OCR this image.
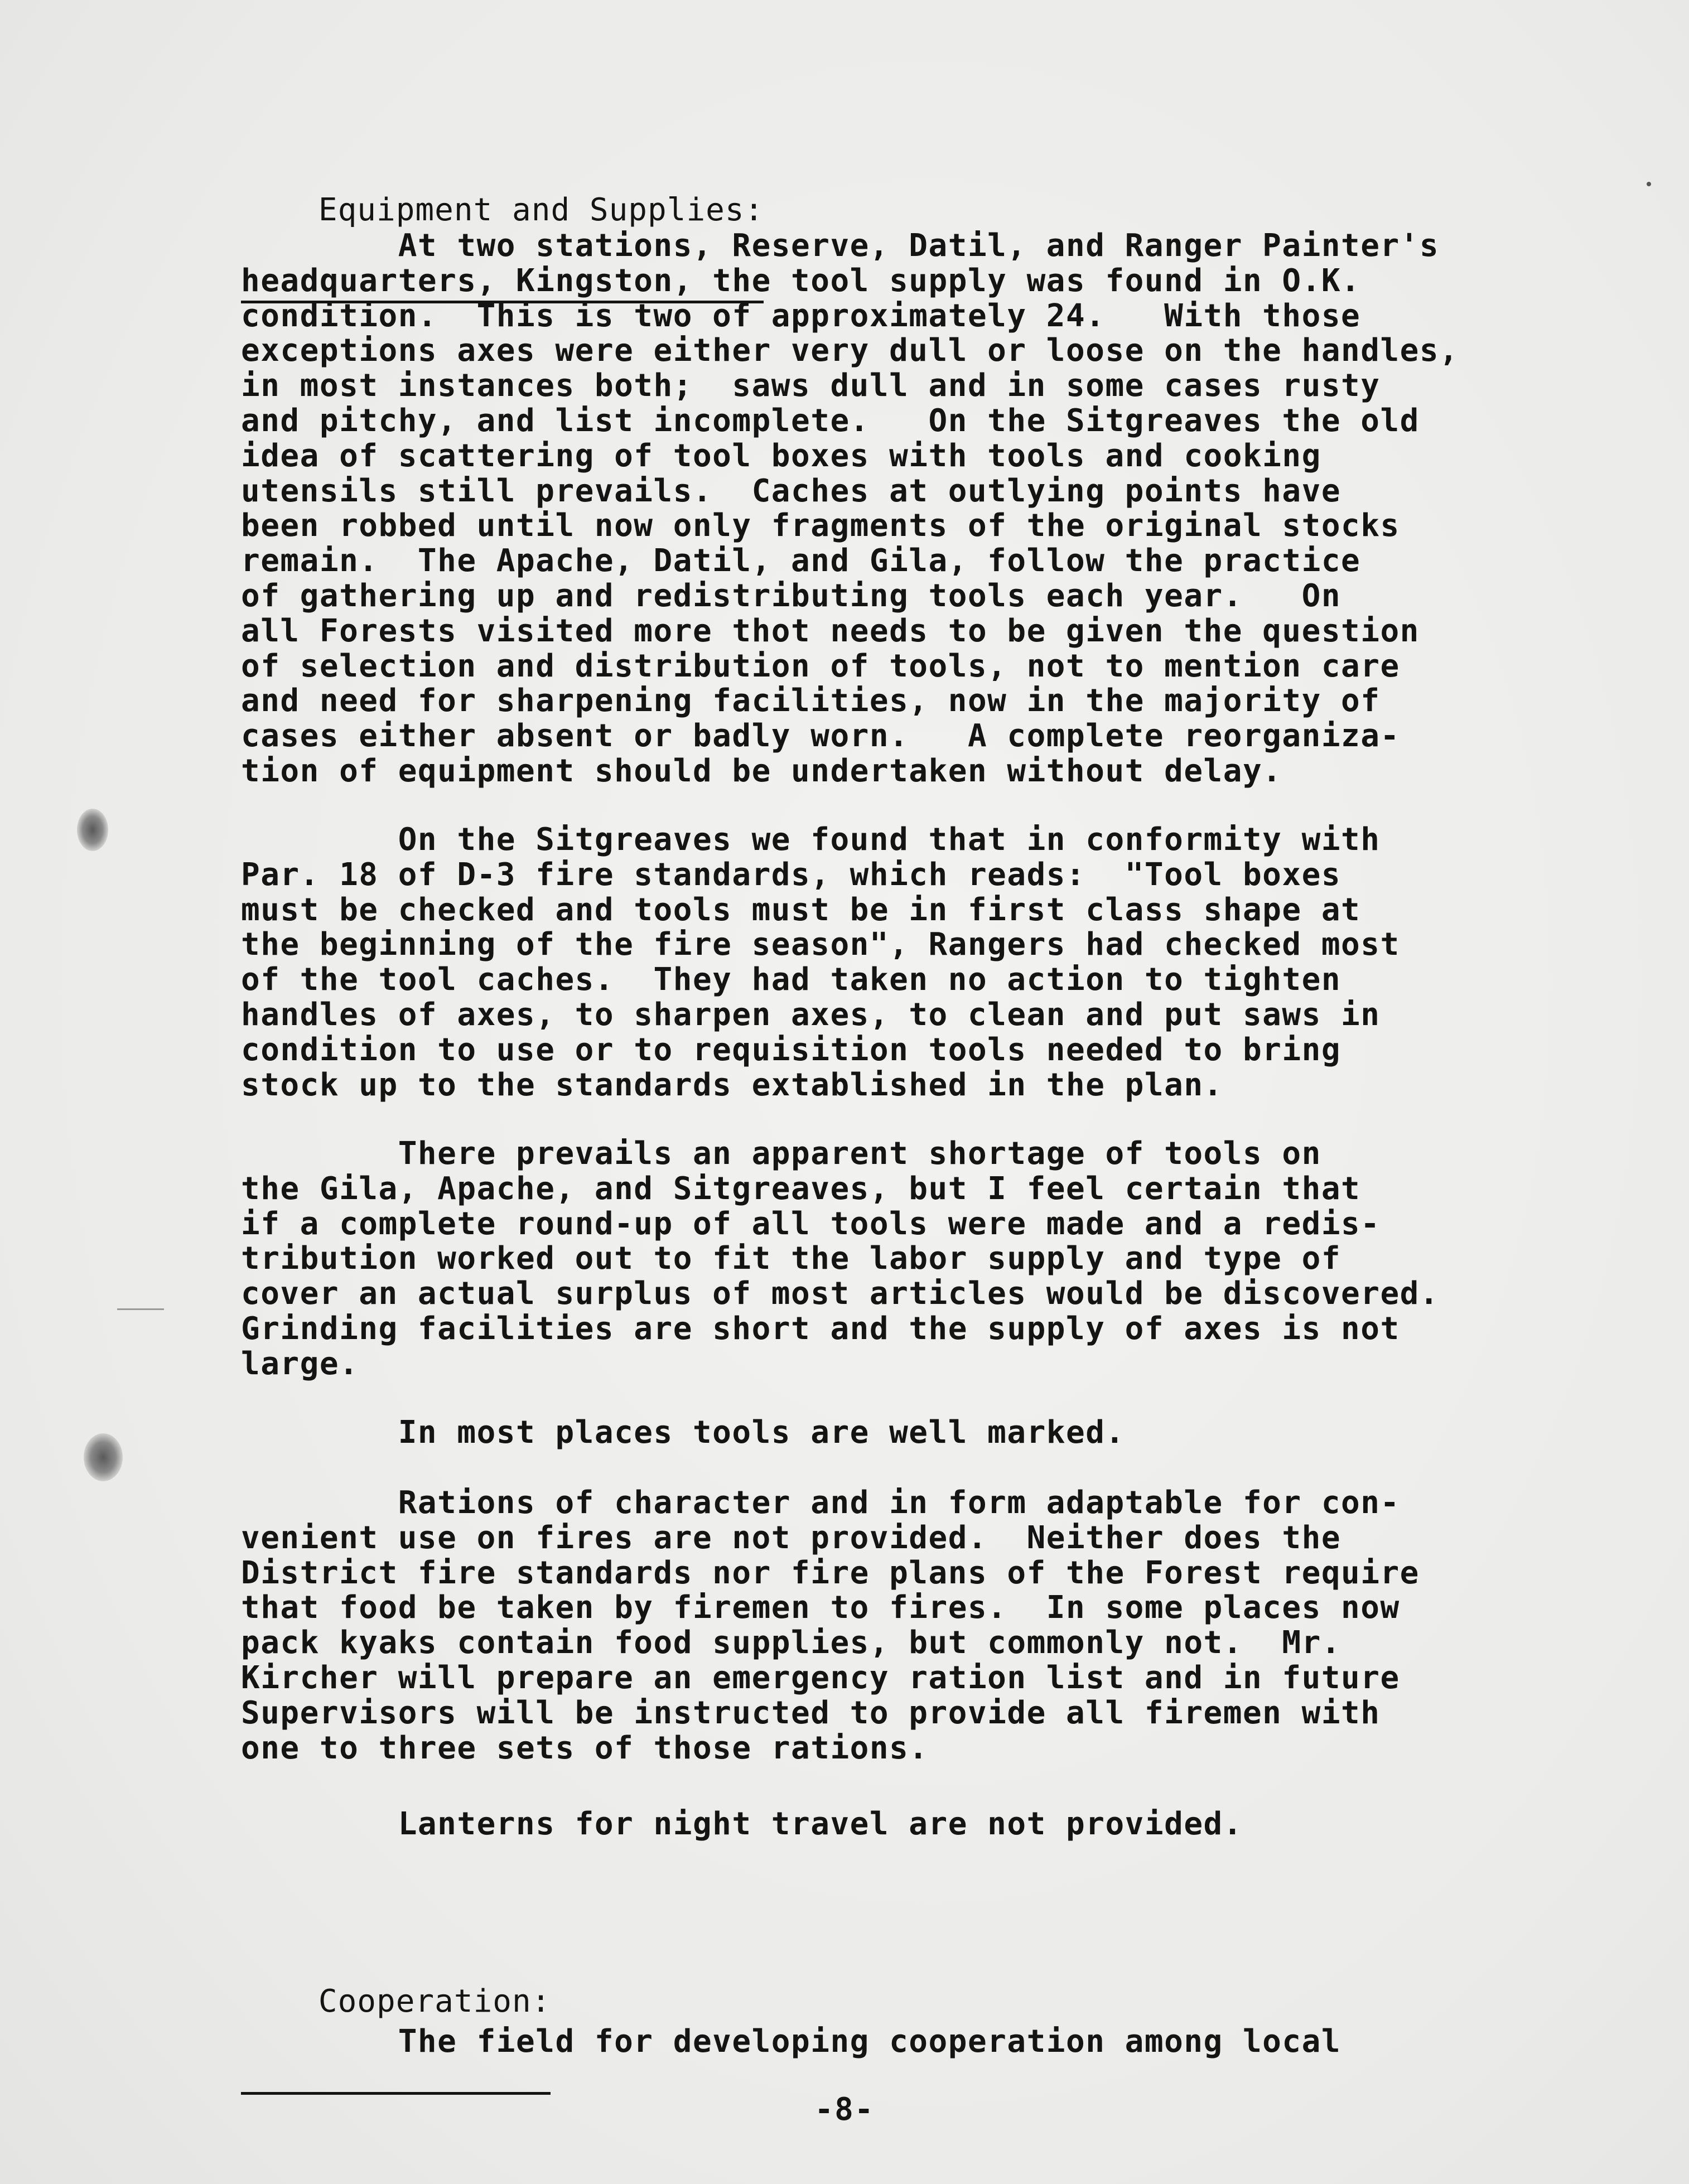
Equipment and Supplies:

At two stations, Reserve, Datil, and Ranger Painter's
headquarters, Kingston, the tool supply was found in O.K.
condition.  This is two of approximately 24.   With those
exceptions axes were either very dull or loose on the handles,
in most instances both;  saws dull and in some cases rusty
and pitchy, and list incomplete.   On the Sitgreaves the old
idea of scattering of tool boxes with tools and cooking
utensils still prevails.  Caches at outlying points have
been robbed until now only fragments of the original stocks
remain.  The Apache, Datil, and Gila, follow the practice
of gathering up and redistributing tools each year.   On
all Forests visited more thot needs to be given the question
of selection and distribution of tools, not to mention care
and need for sharpening facilities, now in the majority of
cases either absent or badly worn.   A complete reorganiza-
tion of equipment should be undertaken without delay.
On the Sitgreaves we found that in conformity with
Par. 18 of D-3 fire standards, which reads:  "Tool boxes
must be checked and tools must be in first class shape at
the beginning of the fire season", Rangers had checked most
of the tool caches.  They had taken no action to tighten
handles of axes, to sharpen axes, to clean and put saws in
condition to use or to requisition tools needed to bring
stock up to the standards extablished in the plan.
There prevails an apparent shortage of tools on
the Gila, Apache, and Sitgreaves, but I feel certain that
if a complete round-up of all tools were made and a redis-
tribution worked out to fit the labor supply and type of
cover an actual surplus of most articles would be discovered.
Grinding facilities are short and the supply of axes is not
large.
In most places tools are well marked.
Rations of character and in form adaptable for con-
venient use on fires are not provided.  Neither does the
District fire standards nor fire plans of the Forest require
that food be taken by firemen to fires.  In some places now
pack kyaks contain food supplies, but commonly not.  Mr.
Kircher will prepare an emergency ration list and in future
Supervisors will be instructed to provide all firemen with
one to three sets of those rations.
Lanterns for night travel are not provided.

Cooperation:

The field for developing cooperation among local
-8-
